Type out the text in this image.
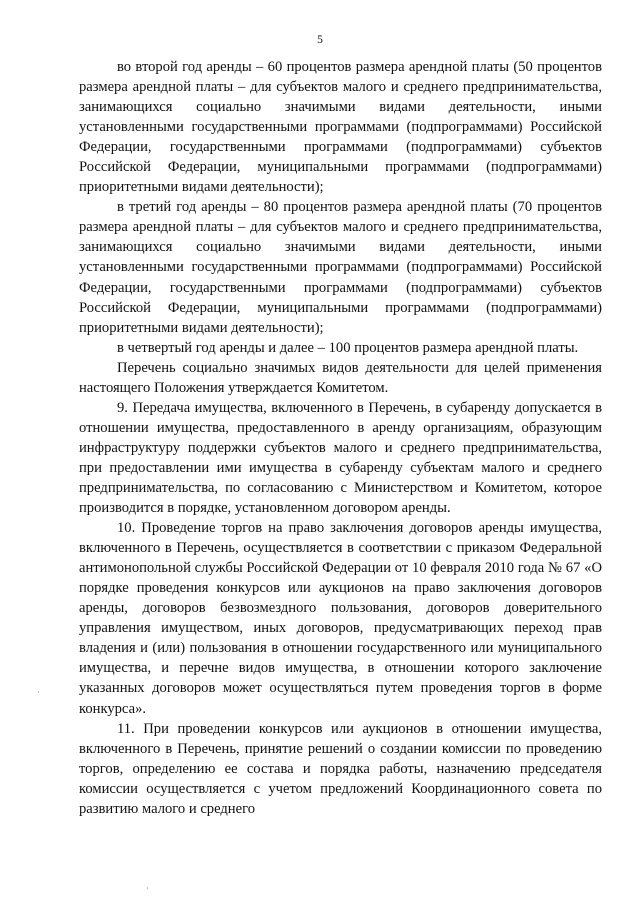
5

во второй год аренды – 60 процентов размера арендной платы (50 процентов размера арендной платы – для субъектов малого и среднего предпринимательства, занимающихся социально значимыми видами деятельности, иными установленными государственными программами (подпрограммами) Российской Федерации, государственными программами (подпрограммами) субъектов Российской Федерации, муниципальными программами (подпрограммами) приоритетными видами деятельности);

в третий год аренды – 80 процентов размера арендной платы (70 процентов размера арендной платы – для субъектов малого и среднего предпринимательства, занимающихся социально значимыми видами деятельности, иными установленными государственными программами (подпрограммами) Российской Федерации, государственными программами (подпрограммами) субъектов Российской Федерации, муниципальными программами (подпрограммами) приоритетными видами деятельности);

в четвертый год аренды и далее – 100 процентов размера арендной платы.

Перечень социально значимых видов деятельности для целей применения настоящего Положения утверждается Комитетом.

9. Передача имущества, включенного в Перечень, в субаренду допускается в отношении имущества, предоставленного в аренду организациям, образующим инфраструктуру поддержки субъектов малого и среднего предпринимательства, при предоставлении ими имущества в субаренду субъектам малого и среднего предпринимательства, по согласованию с Министерством и Комитетом, которое производится в порядке, установленном договором аренды.

10. Проведение торгов на право заключения договоров аренды имущества, включенного в Перечень, осуществляется в соответствии с приказом Федеральной антимонопольной службы Российской Федерации от 10 февраля 2010 года № 67 «О порядке проведения конкурсов или аукционов на право заключения договоров аренды, договоров безвозмездного пользования, договоров доверительного управления имуществом, иных договоров, предусматривающих переход прав владения и (или) пользования в отношении государственного или муниципального имущества, и перечне видов имущества, в отношении которого заключение указанных договоров может осуществляться путем проведения торгов в форме конкурса».

11. При проведении конкурсов или аукционов в отношении имущества, включенного в Перечень, принятие решений о создании комиссии по проведению торгов, определению ее состава и порядка работы, назначению председателя комиссии осуществляется с учетом предложений Координационного совета по развитию малого и среднего

·
·
